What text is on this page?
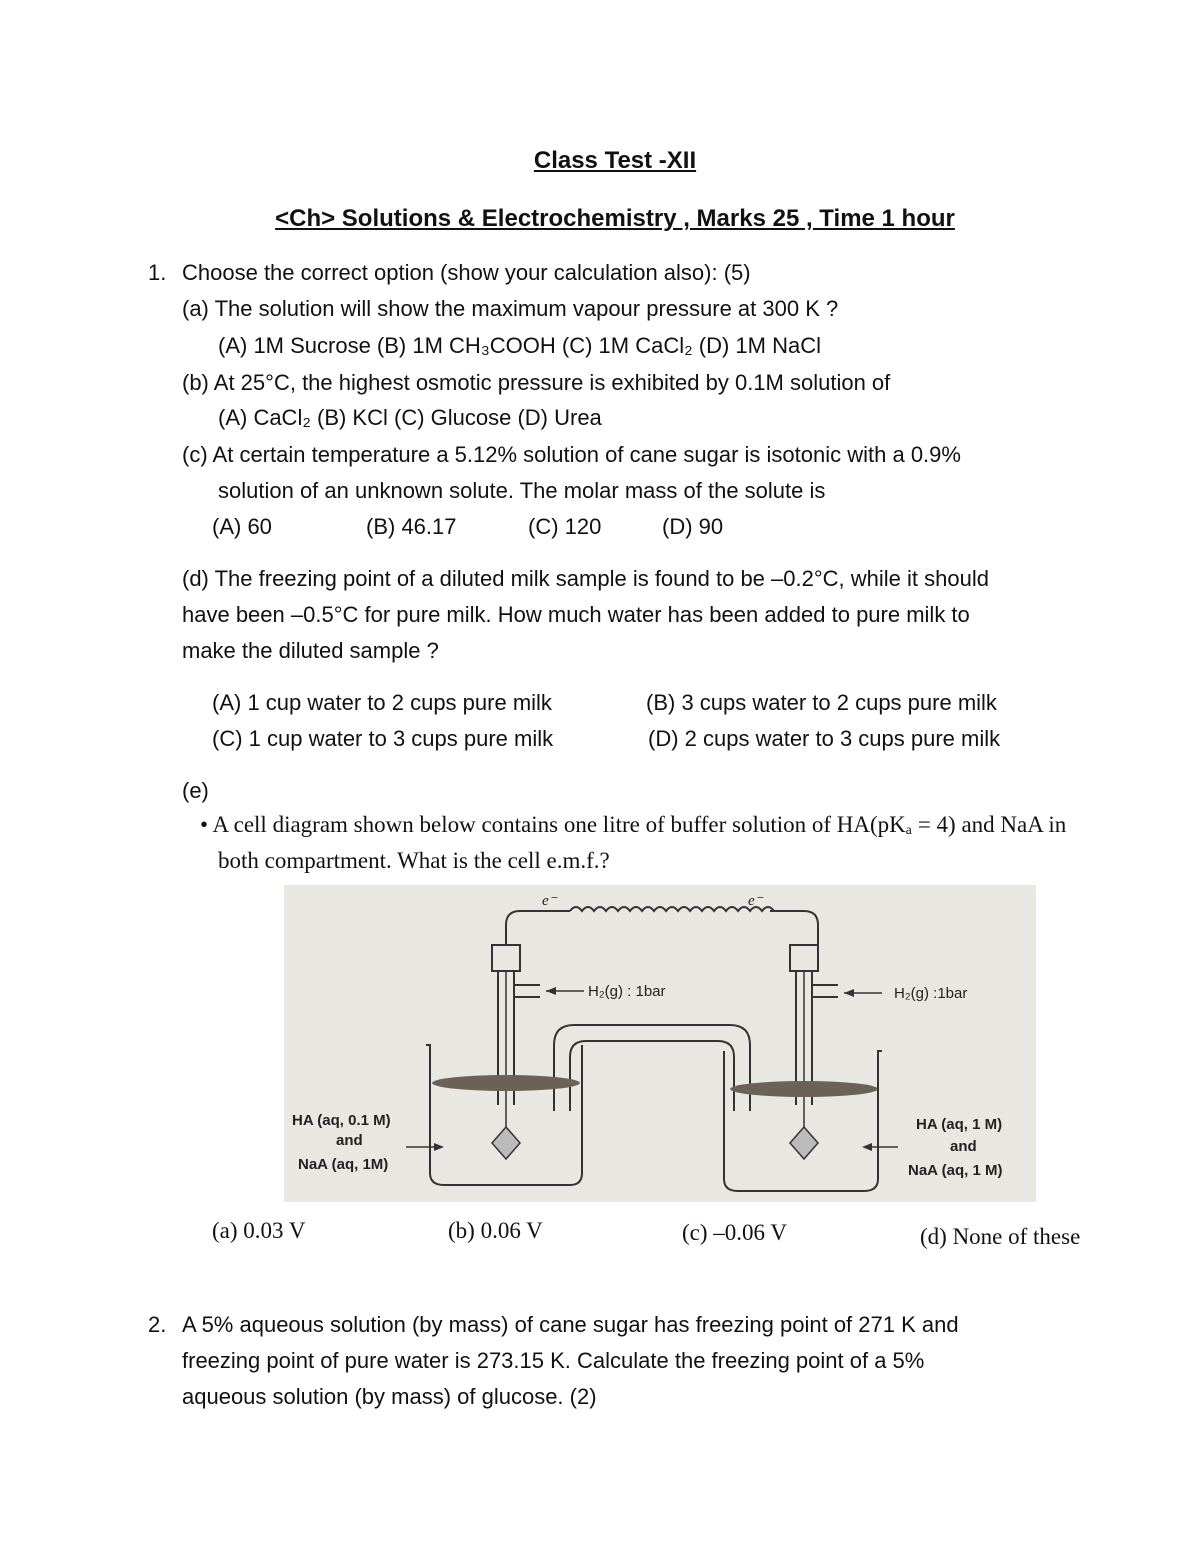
Class Test -XII
<Ch> Solutions & Electrochemistry , Marks 25 , Time 1 hour
1. Choose the correct option (show your calculation also): (5)
(a) The solution will show the maximum vapour pressure at 300 K ?
(A) 1M Sucrose (B) 1M CH₃COOH (C) 1M CaCl₂ (D) 1M NaCl
(b) At 25°C, the highest osmotic pressure is exhibited by 0.1M solution of
(A) CaCl₂ (B) KCl (C) Glucose (D) Urea
(c) At certain temperature a 5.12% solution of cane sugar is isotonic with a 0.9%
solution of an unknown solute. The molar mass of the solute is
(A) 60	(B) 46.17	(C) 120	(D) 90
(d) The freezing point of a diluted milk sample is found to be –0.2°C, while it should
have been –0.5°C for pure milk. How much water has been added to pure milk to
make the diluted sample ?
(A) 1 cup water to 2 cups pure milk	(B) 3 cups water to 2 cups pure milk
(C) 1 cup water to 3 cups pure milk	(D) 2 cups water to 3 cups pure milk
(e)
• A cell diagram shown below contains one litre of buffer solution of HA(pKₐ = 4) and NaA in
both compartment. What is the cell e.m.f.?
e⁻	e⁻
H₂(g) : 1bar	H₂(g) :1bar
HA (aq, 0.1 M)
and
NaA (aq, 1M)
HA (aq, 1 M)
and
NaA (aq, 1 M)
(a) 0.03 V	(b) 0.06 V	(c) –0.06 V	(d) None of these
2. A 5% aqueous solution (by mass) of cane sugar has freezing point of 271 K and
freezing point of pure water is 273.15 K. Calculate the freezing point of a 5%
aqueous solution (by mass) of glucose. (2)
